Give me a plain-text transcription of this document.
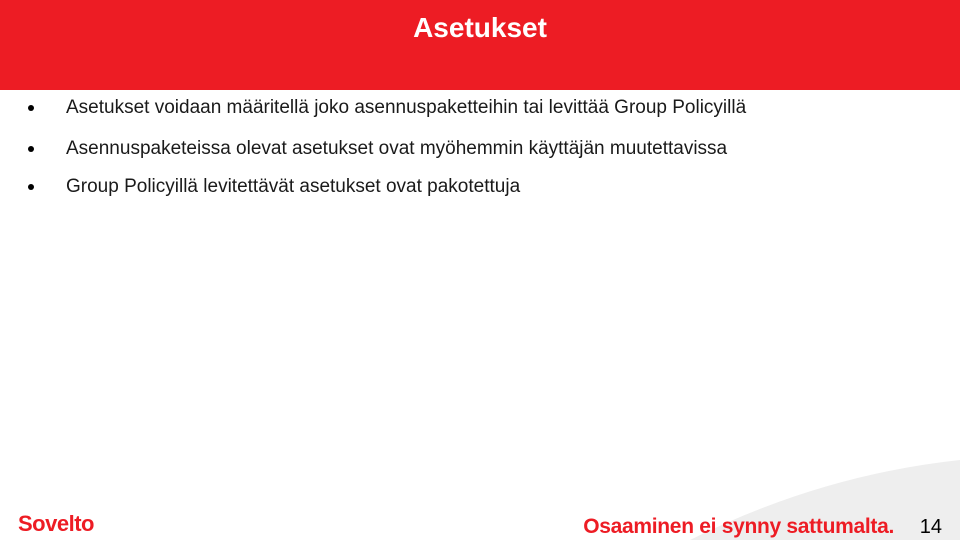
Asetukset
Asetukset voidaan määritellä joko asennuspaketteihin tai levittää Group Policyillä
Asennuspaketeissa olevat asetukset ovat myöhemmin käyttäjän muutettavissa
Group Policyillä levitettävät asetukset ovat pakotettuja
Sovelto	Osaaminen ei synny sattumalta. 14
